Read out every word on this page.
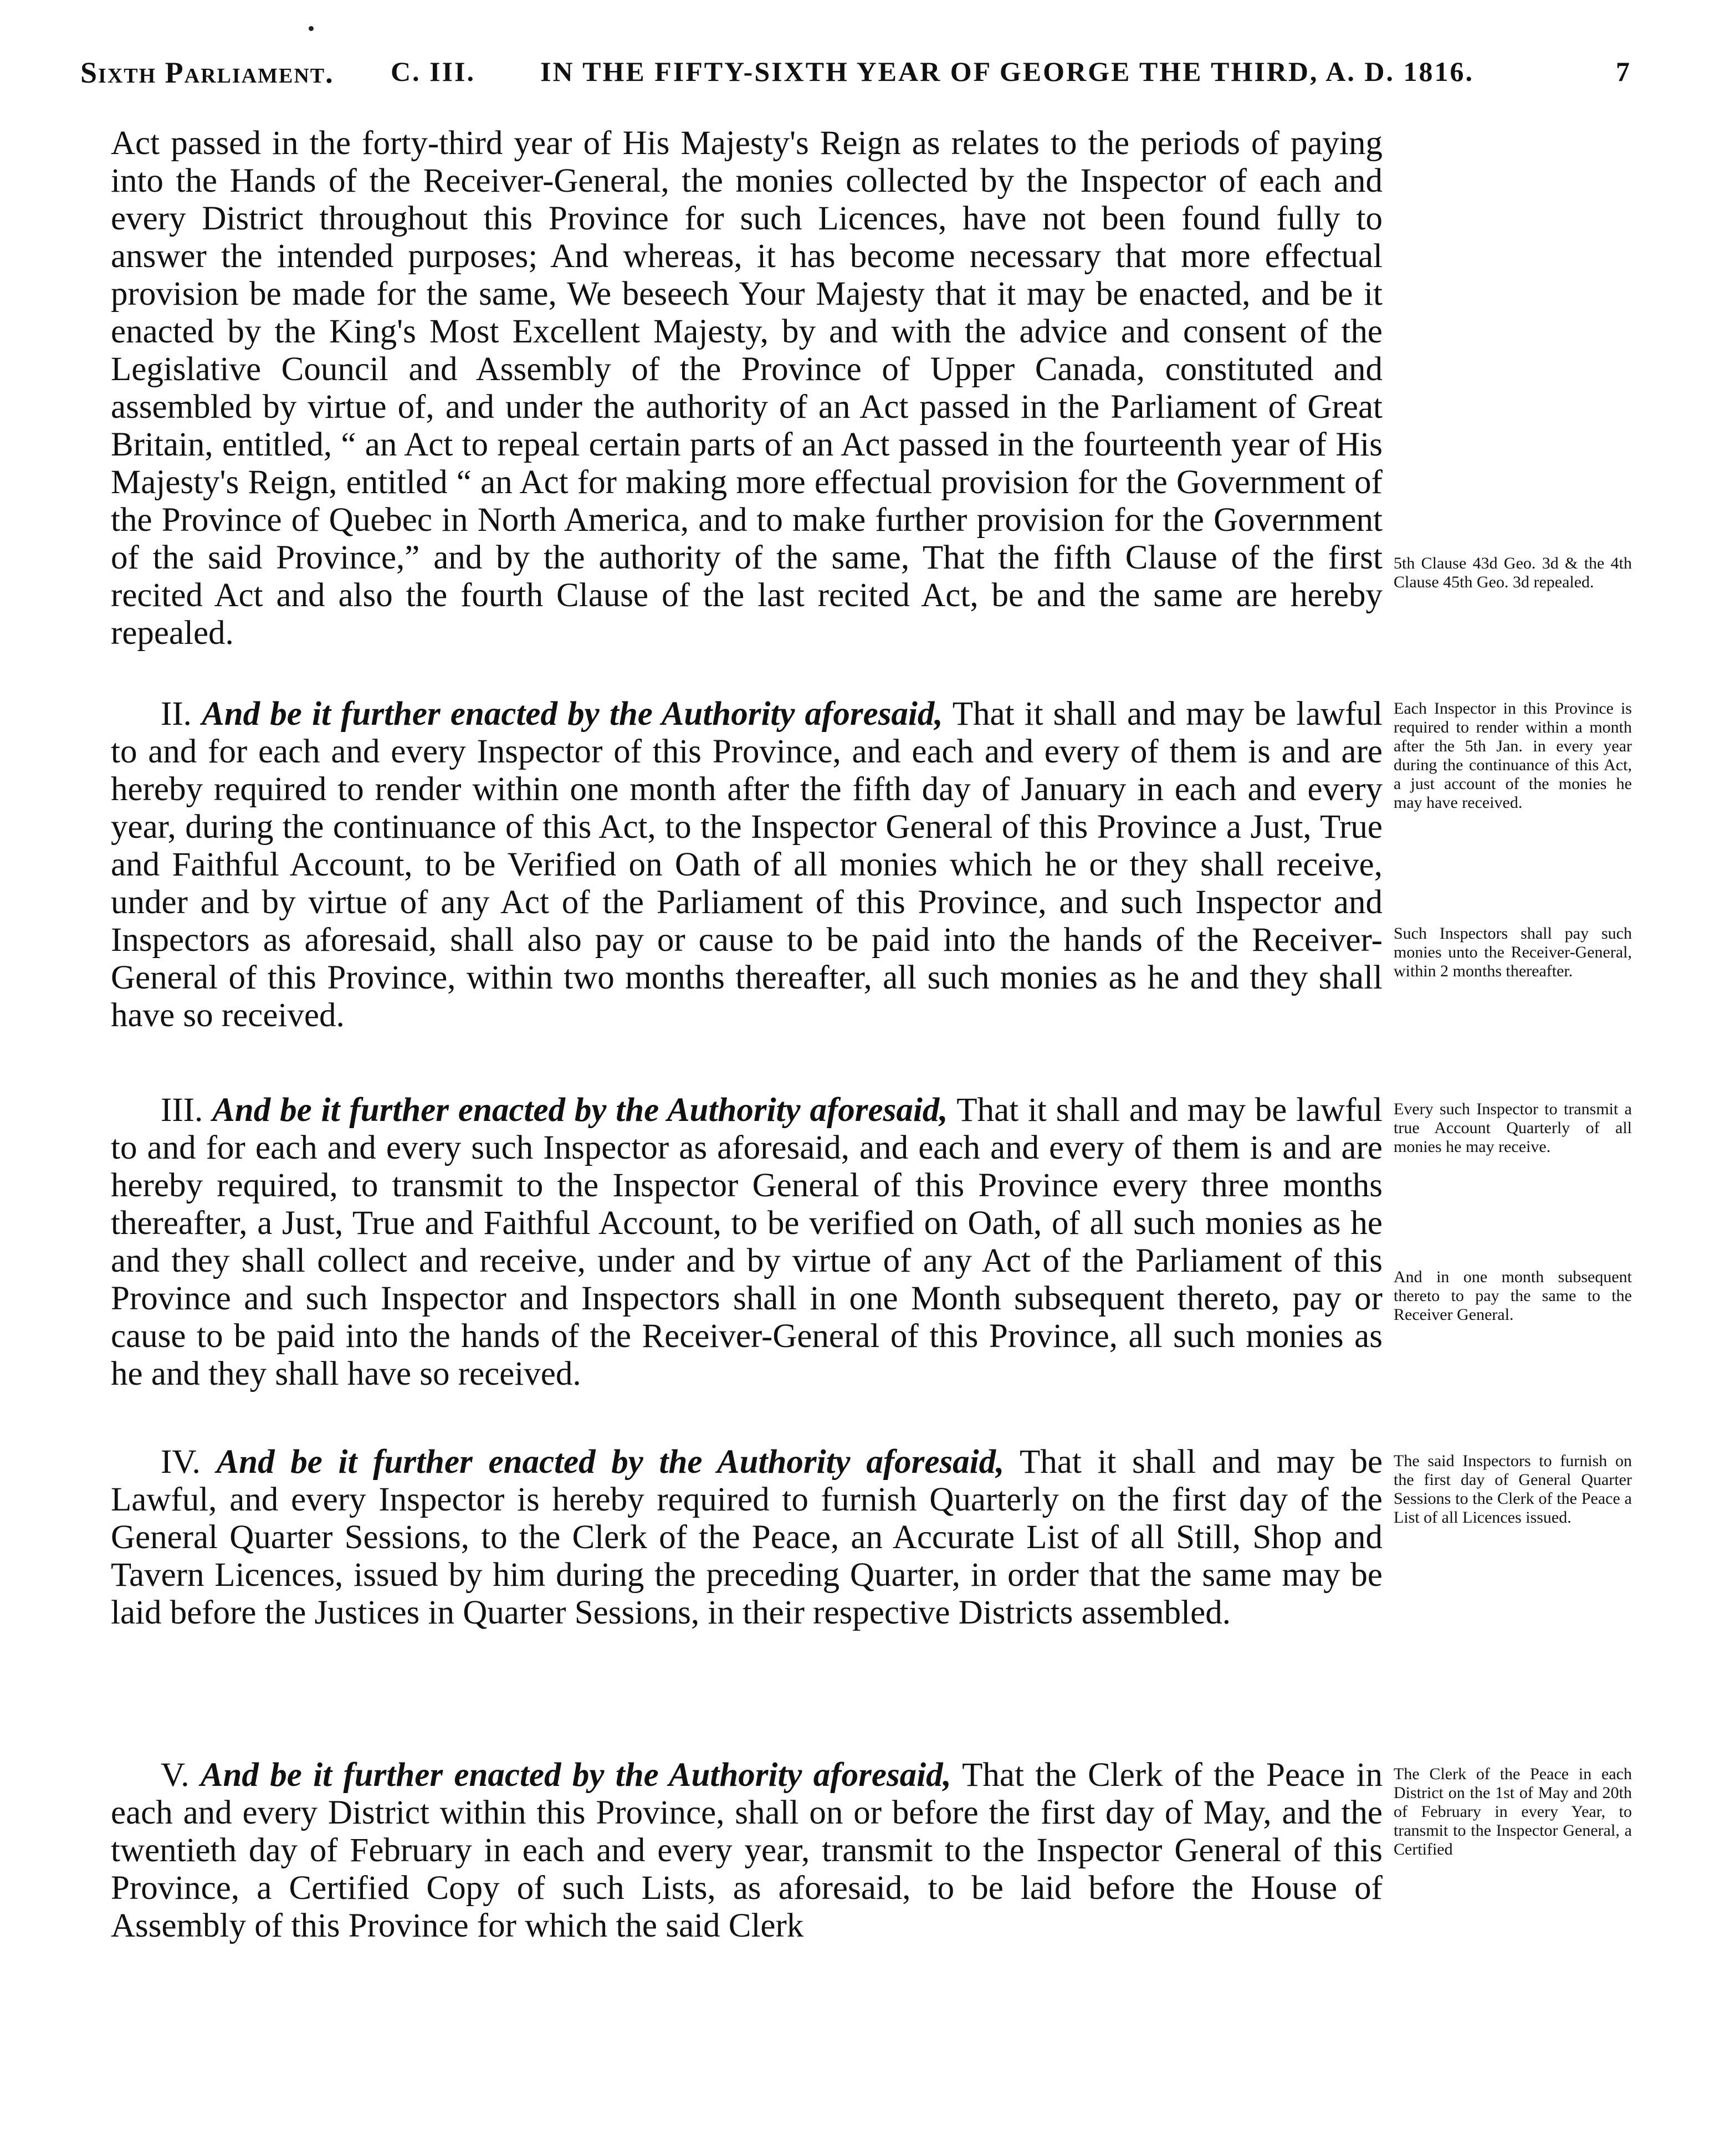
Sixth Parliament. C. III. IN THE FIFTY-SIXTH YEAR OF GEORGE THE THIRD, A. D. 1816.	7
Act passed in the forty-third year of His Majesty's Reign as relates to the periods of paying into the Hands of the Receiver-General, the monies collected by the Inspector of each and every District throughout this Province for such Licences, have not been found fully to answer the intended purposes; And whereas, it has become necessary that more effectual provision be made for the same, We beseech Your Majesty that it may be enacted, and be it enacted by the King's Most Excellent Majesty, by and with the advice and consent of the Legislative Council and Assembly of the Province of Upper Canada, constituted and assembled by virtue of, and under the authority of an Act passed in the Parliament of Great Britain, entitled, “ an Act to repeal certain parts of an Act passed in the fourteenth year of His Majesty's Reign, entitled “ an Act for making more effectual provision for the Government of the Province of Quebec in North America, and to make further provision for the Government of the said Province,” and by the authority of the same, That the fifth Clause of the first recited Act and also the fourth Clause of the last recited Act, be and the same are hereby repealed.
II. And be it further enacted by the Authority aforesaid, That it shall and may be lawful to and for each and every Inspector of this Province, and each and every of them is and are hereby required to render within one month after the fifth day of January in each and every year, during the continuance of this Act, to the Inspector General of this Province a Just, True and Faithful Account, to be Verified on Oath of all monies which he or they shall receive, under and by virtue of any Act of the Parliament of this Province, and such Inspector and Inspectors as aforesaid, shall also pay or cause to be paid into the hands of the Receiver-General of this Province, within two months thereafter, all such monies as he and they shall have so received.
III. And be it further enacted by the Authority aforesaid, That it shall and may be lawful to and for each and every such Inspector as aforesaid, and each and every of them is and are hereby required, to transmit to the Inspector General of this Province every three months thereafter, a Just, True and Faithful Account, to be verified on Oath, of all such monies as he and they shall collect and receive, under and by virtue of any Act of the Parliament of this Province and such Inspector and Inspectors shall in one Month subsequent thereto, pay or cause to be paid into the hands of the Receiver-General of this Province, all such monies as he and they shall have so received.
IV. And be it further enacted by the Authority aforesaid, That it shall and may be Lawful, and every Inspector is hereby required to furnish Quarterly on the first day of the General Quarter Sessions, to the Clerk of the Peace, an Accurate List of all Still, Shop and Tavern Licences, issued by him during the preceding Quarter, in order that the same may be laid before the Justices in Quarter Sessions, in their respective Districts assembled.
V. And be it further enacted by the Authority aforesaid, That the Clerk of the Peace in each and every District within this Province, shall on or before the first day of May, and the twentieth day of February in each and every year, transmit to the Inspector General of this Province, a Certified Copy of such Lists, as aforesaid, to be laid before the House of Assembly of this Province for which the said Clerk
5th Clause 43d Geo. 3d & the 4th Clause 45th Geo. 3d repealed.
Each Inspector in this Province is required to render within a month after the 5th Jan. in every year during the continuance of this Act, a just account of the monies he may have received.
Such Inspectors shall pay such monies unto the Receiver-General, within 2 months thereafter.
Every such Inspector to transmit a true Account Quarterly of all monies he may receive.
And in one month subsequent thereto to pay the same to the Receiver General.
The said Inspectors to furnish on the first day of General Quarter Sessions to the Clerk of the Peace a List of all Licences issued.
The Clerk of the Peace in each District on the 1st of May and 20th of February in every Year, to transmit to the Inspector General, a Certified
